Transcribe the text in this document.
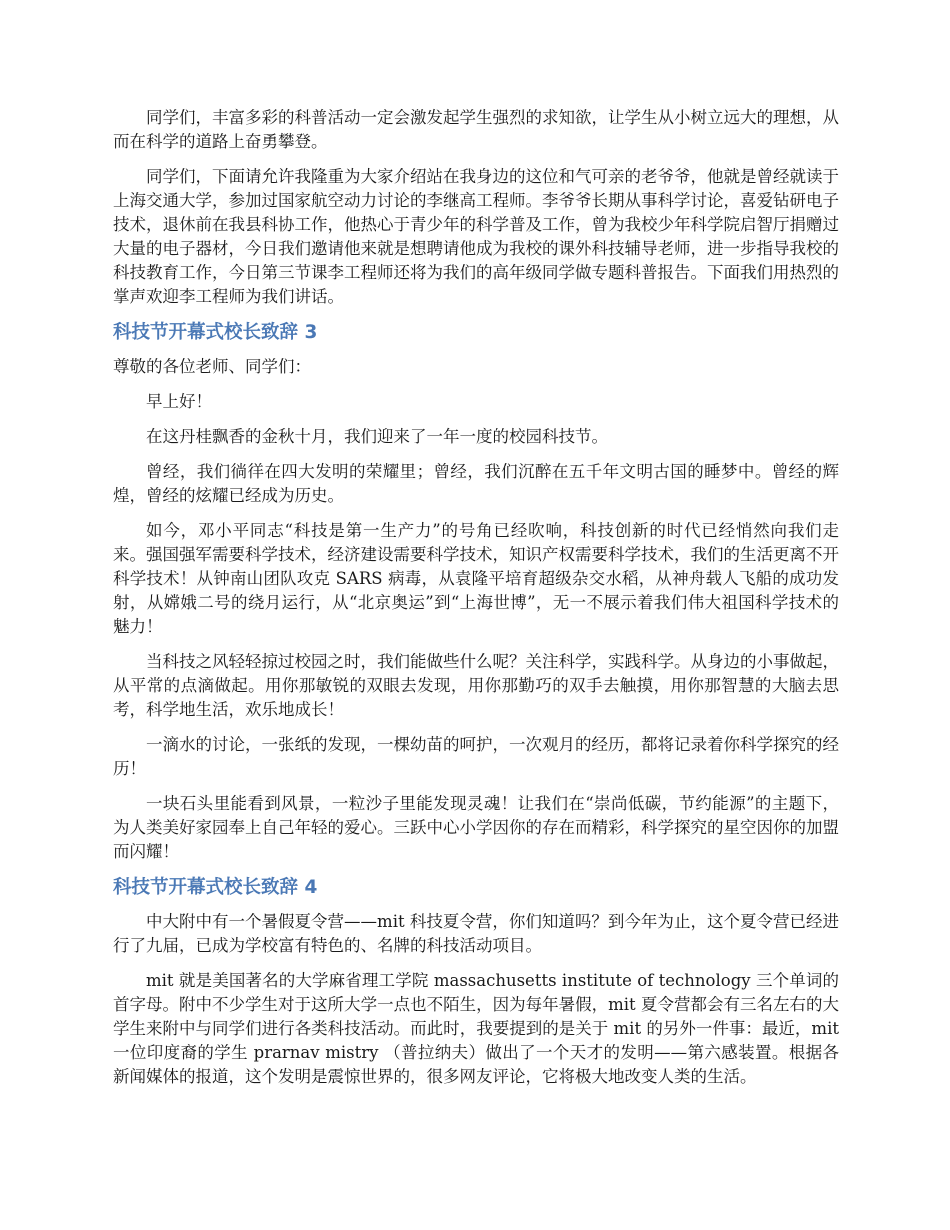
同学们，丰富多彩的科普活动一定会激发起学生强烈的求知欲，让学生从小树立远大的理想，从而在科学的道路上奋勇攀登。

同学们，下面请允许我隆重为大家介绍站在我身边的这位和气可亲的老爷爷，他就是曾经就读于上海交通大学，参加过国家航空动力讨论的李继高工程师。李爷爷长期从事科学讨论，喜爱钻研电子技术，退休前在我县科协工作，他热心于青少年的科学普及工作，曾为我校少年科学院启智厅捐赠过大量的电子器材，今日我们邀请他来就是想聘请他成为我校的课外科技辅导老师，进一步指导我校的科技教育工作，今日第三节课李工程师还将为我们的高年级同学做专题科普报告。下面我们用热烈的掌声欢迎李工程师为我们讲话。

科技节开幕式校长致辞 3

尊敬的各位老师、同学们：

早上好！

在这丹桂飘香的金秋十月，我们迎来了一年一度的校园科技节。

曾经，我们徜徉在四大发明的荣耀里；曾经，我们沉醉在五千年文明古国的睡梦中。曾经的辉煌，曾经的炫耀已经成为历史。

如今，邓小平同志“科技是第一生产力”的号角已经吹响，科技创新的时代已经悄然向我们走来。强国强军需要科学技术，经济建设需要科学技术，知识产权需要科学技术，我们的生活更离不开科学技术！从钟南山团队攻克 SARS 病毒，从袁隆平培育超级杂交水稻，从神舟载人飞船的成功发射，从嫦娥二号的绕月运行，从“北京奥运”到“上海世博”，无一不展示着我们伟大祖国科学技术的魅力！

当科技之风轻轻掠过校园之时，我们能做些什么呢？关注科学，实践科学。从身边的小事做起，从平常的点滴做起。用你那敏锐的双眼去发现，用你那勤巧的双手去触摸，用你那智慧的大脑去思考，科学地生活，欢乐地成长！

一滴水的讨论，一张纸的发现，一棵幼苗的呵护，一次观月的经历，都将记录着你科学探究的经历！

一块石头里能看到风景，一粒沙子里能发现灵魂！让我们在“崇尚低碳，节约能源”的主题下，为人类美好家园奉上自己年轻的爱心。三跃中心小学因你的存在而精彩，科学探究的星空因你的加盟而闪耀！

科技节开幕式校长致辞 4

中大附中有一个暑假夏令营——mit 科技夏令营，你们知道吗？到今年为止，这个夏令营已经进行了九届，已成为学校富有特色的、名牌的科技活动项目。

mit 就是美国著名的大学麻省理工学院 massachusetts institute of technology 三个单词的首字母。附中不少学生对于这所大学一点也不陌生，因为每年暑假，mit 夏令营都会有三名左右的大学生来附中与同学们进行各类科技活动。而此时，我要提到的是关于 mit 的另外一件事：最近，mit 一位印度裔的学生 prarnav mistry （普拉纳夫）做出了一个天才的发明——第六感装置。根据各新闻媒体的报道，这个发明是震惊世界的，很多网友评论，它将极大地改变人类的生活。
